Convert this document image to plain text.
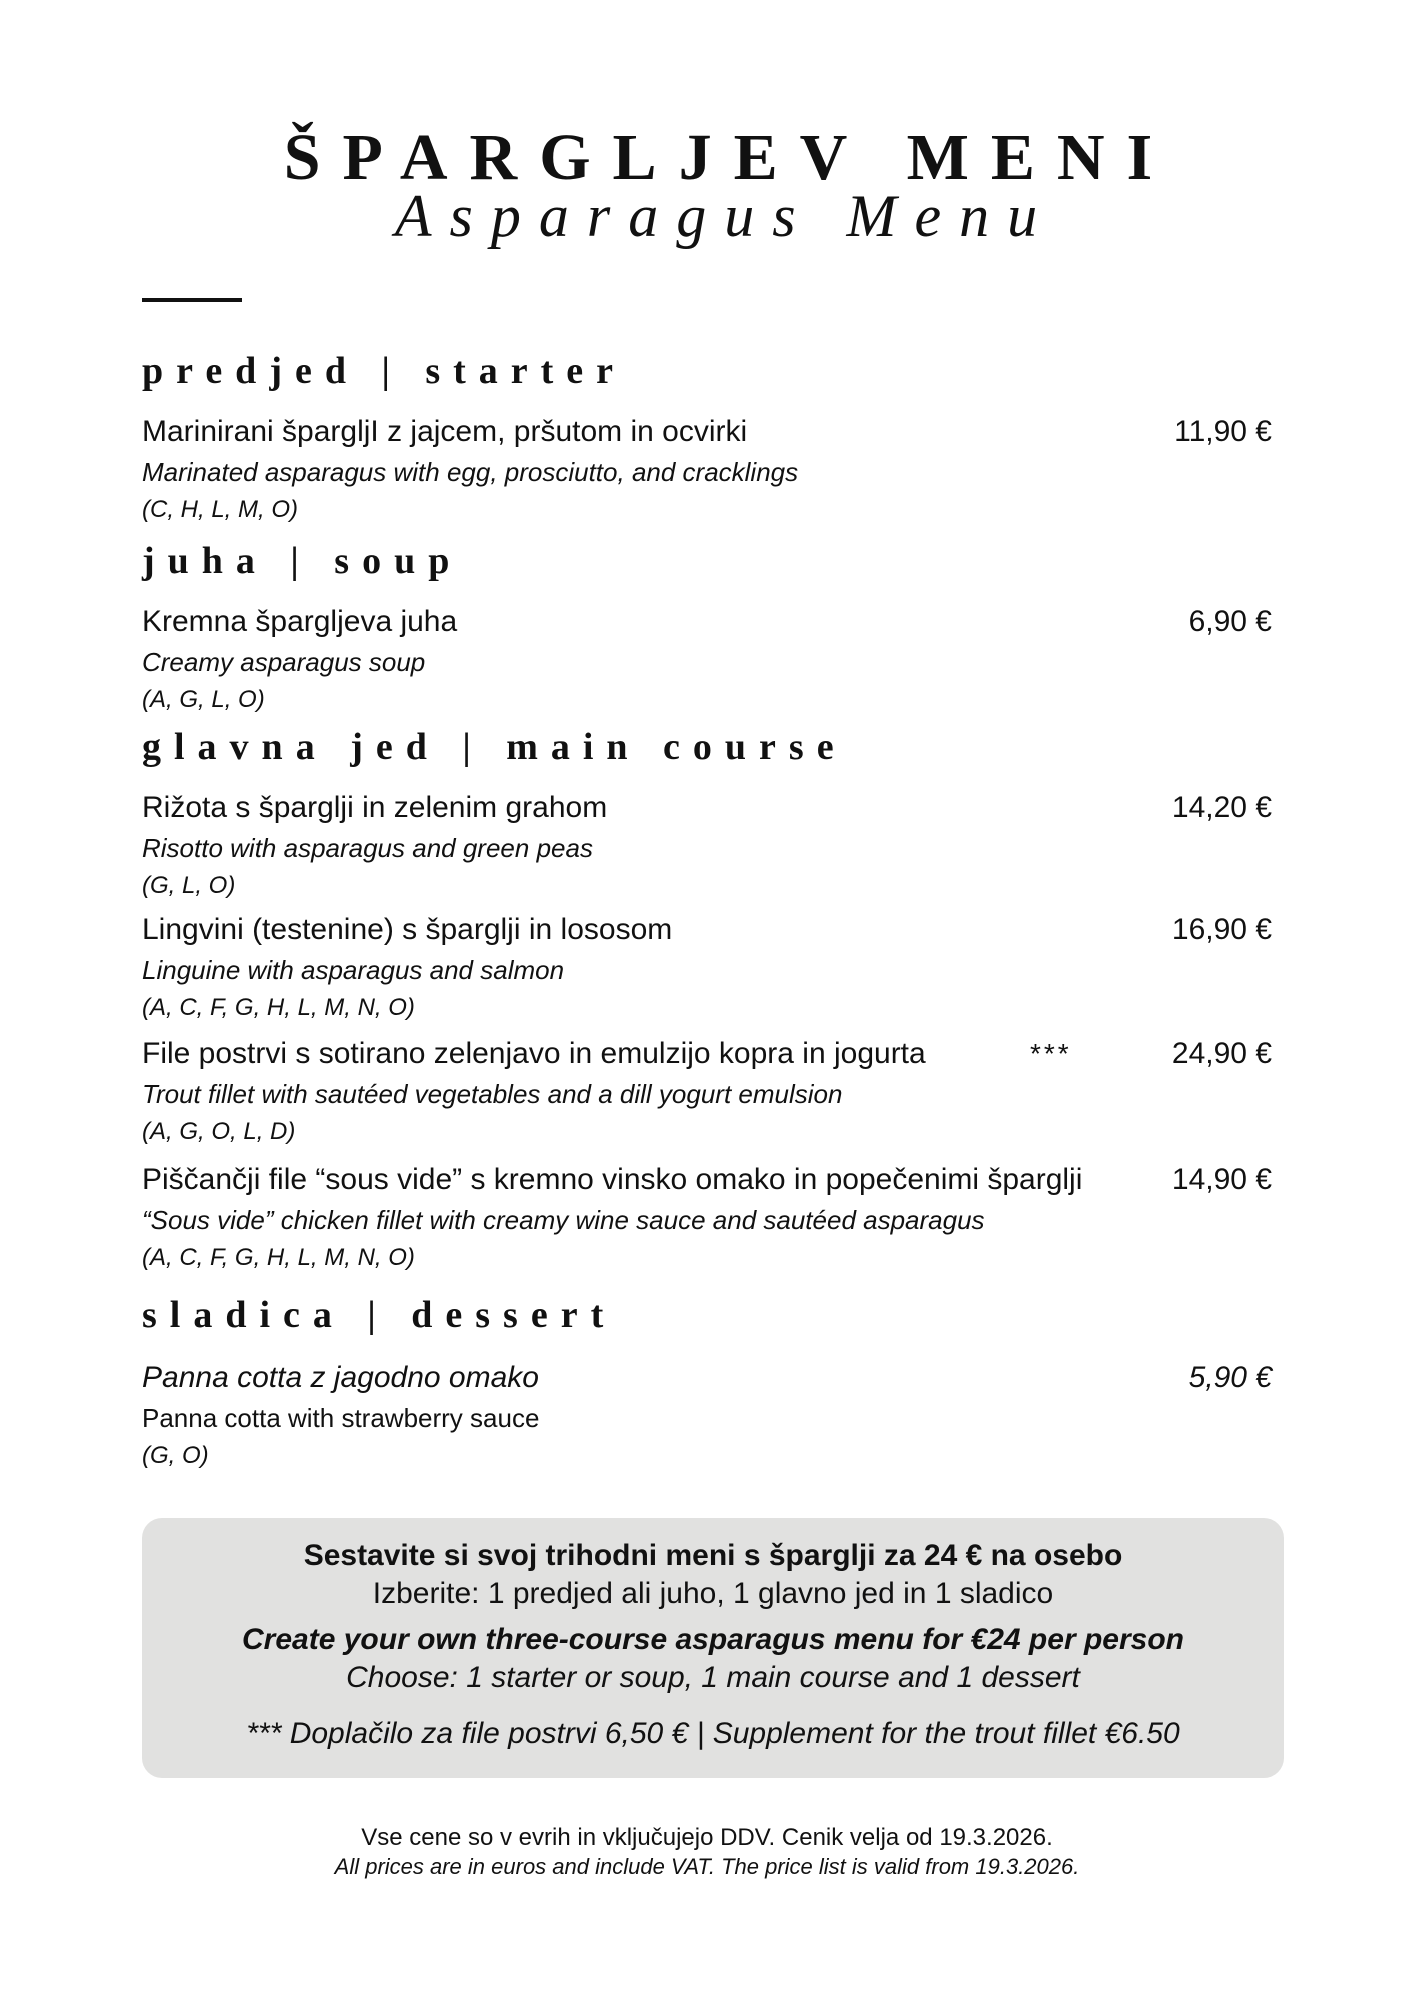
ŠPARGLJEV MENI
Asparagus Menu
predjed | starter
Marinirani špargljI z jajcem, pršutom in ocvirki
Marinated asparagus with egg, prosciutto, and cracklings
(C, H, L, M, O)
11,90 €
juha | soup
Kremna šparglјeva juha
Creamy asparagus soup
(A, G, L, O)
6,90 €
glavna jed | main course
Rižota s šparglji in zelenim grahom
Risotto with asparagus and green peas
(G, L, O)
14,20 €
Lingvini (testenine) s šparglji in lososom
Linguine with asparagus and salmon
(A, C, F, G, H, L, M, N, O)
16,90 €
File postrvi s sotirano zelenjavo in emulzijo kopra in jogurta
Trout fillet with sautéed vegetables and a dill yogurt emulsion
(A, G, O, L, D)
***	24,90 €
Piščančji file “sous vide” s kremno vinsko omako in popečenimi šparglji
“Sous vide” chicken fillet with creamy wine sauce and sautéed asparagus
(A, C, F, G, H, L, M, N, O)
14,90 €
sladica | dessert
Panna cotta z jagodno omako
Panna cotta with strawberry sauce
(G, O)
5,90 €
Sestavite si svoj trihodni meni s šparglji za 24 € na osebo
Izberite: 1 predjed ali juho, 1 glavno jed in 1 sladico
Create your own three-course asparagus menu for €24 per person
Choose: 1 starter or soup, 1 main course and 1 dessert
*** Doplačilo za file postrvi 6,50 € | Supplement for the trout fillet €6.50
Vse cene so v evrih in vključujejo DDV. Cenik velja od 19.3.2026.
All prices are in euros and include VAT. The price list is valid from 19.3.2026.
